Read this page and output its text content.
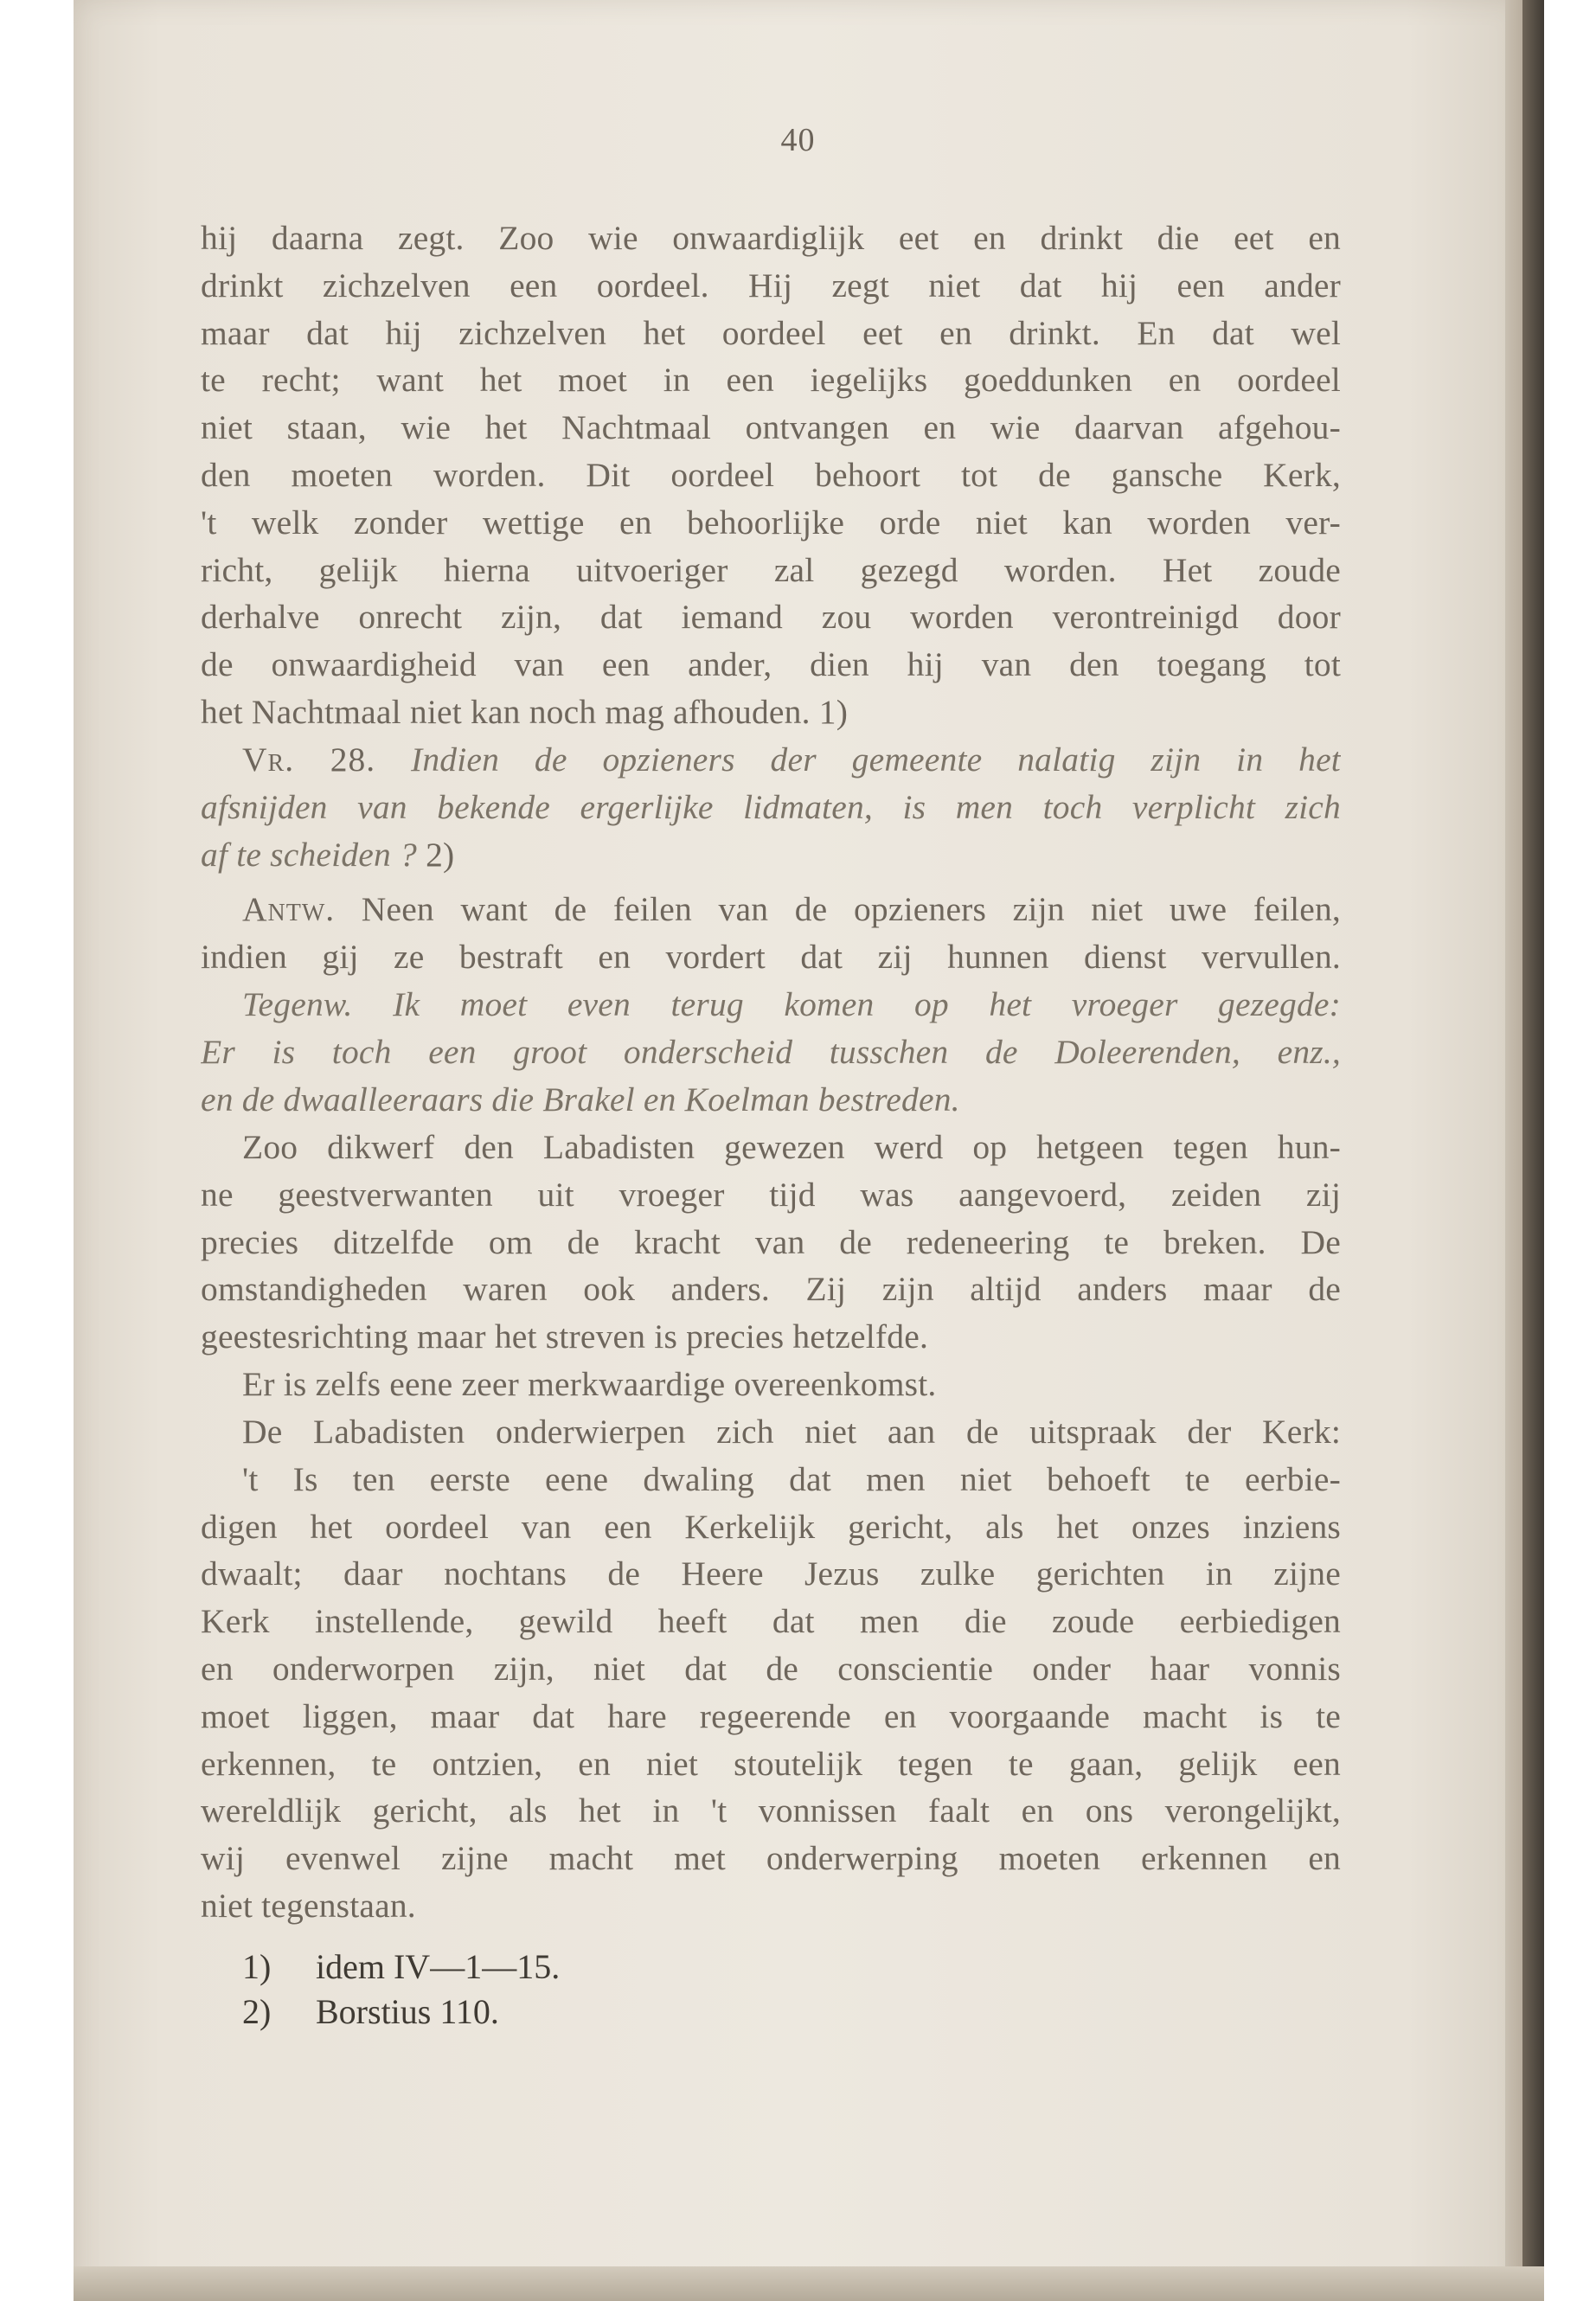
40
hij daarna zegt. Zoo wie onwaardiglijk eet en drinkt die eet en
drinkt zichzelven een oordeel. Hij zegt niet dat hij een ander
maar dat hij zichzelven het oordeel eet en drinkt. En dat wel
te recht; want het moet in een iegelijks goeddunken en oordeel
niet staan, wie het Nachtmaal ontvangen en wie daarvan afgehou-
den moeten worden. Dit oordeel behoort tot de gansche Kerk,
't welk zonder wettige en behoorlijke orde niet kan worden ver-
richt, gelijk hierna uitvoeriger zal gezegd worden. Het zoude
derhalve onrecht zijn, dat iemand zou worden verontreinigd door
de onwaardigheid van een ander, dien hij van den toegang tot
het Nachtmaal niet kan noch mag afhouden. 1)
Vr. 28. Indien de opzieners der gemeente nalatig zijn in het
afsnijden van bekende ergerlijke lidmaten, is men toch verplicht zich
af te scheiden ? 2)
Antw. Neen want de feilen van de opzieners zijn niet uwe feilen,
indien gij ze bestraft en vordert dat zij hunnen dienst vervullen.
Tegenw. Ik moet even terug komen op het vroeger gezegde:
Er is toch een groot onderscheid tusschen de Doleerenden, enz.,
en de dwaalleeraars die Brakel en Koelman bestreden.
Zoo dikwerf den Labadisten gewezen werd op hetgeen tegen hun-
ne geestverwanten uit vroeger tijd was aangevoerd, zeiden zij
precies ditzelfde om de kracht van de redeneering te breken. De
omstandigheden waren ook anders. Zij zijn altijd anders maar de
geestesrichting maar het streven is precies hetzelfde.
Er is zelfs eene zeer merkwaardige overeenkomst.
De Labadisten onderwierpen zich niet aan de uitspraak der Kerk:
't Is ten eerste eene dwaling dat men niet behoeft te eerbie-
digen het oordeel van een Kerkelijk gericht, als het onzes inziens
dwaalt; daar nochtans de Heere Jezus zulke gerichten in zijne
Kerk instellende, gewild heeft dat men die zoude eerbiedigen
en onderworpen zijn, niet dat de conscientie onder haar vonnis
moet liggen, maar dat hare regeerende en voorgaande macht is te
erkennen, te ontzien, en niet stoutelijk tegen te gaan, gelijk een
wereldlijk gericht, als het in 't vonnissen faalt en ons verongelijkt,
wij evenwel zijne macht met onderwerping moeten erkennen en
niet tegenstaan.
1) idem IV—1—15.
2) Borstius 110.
